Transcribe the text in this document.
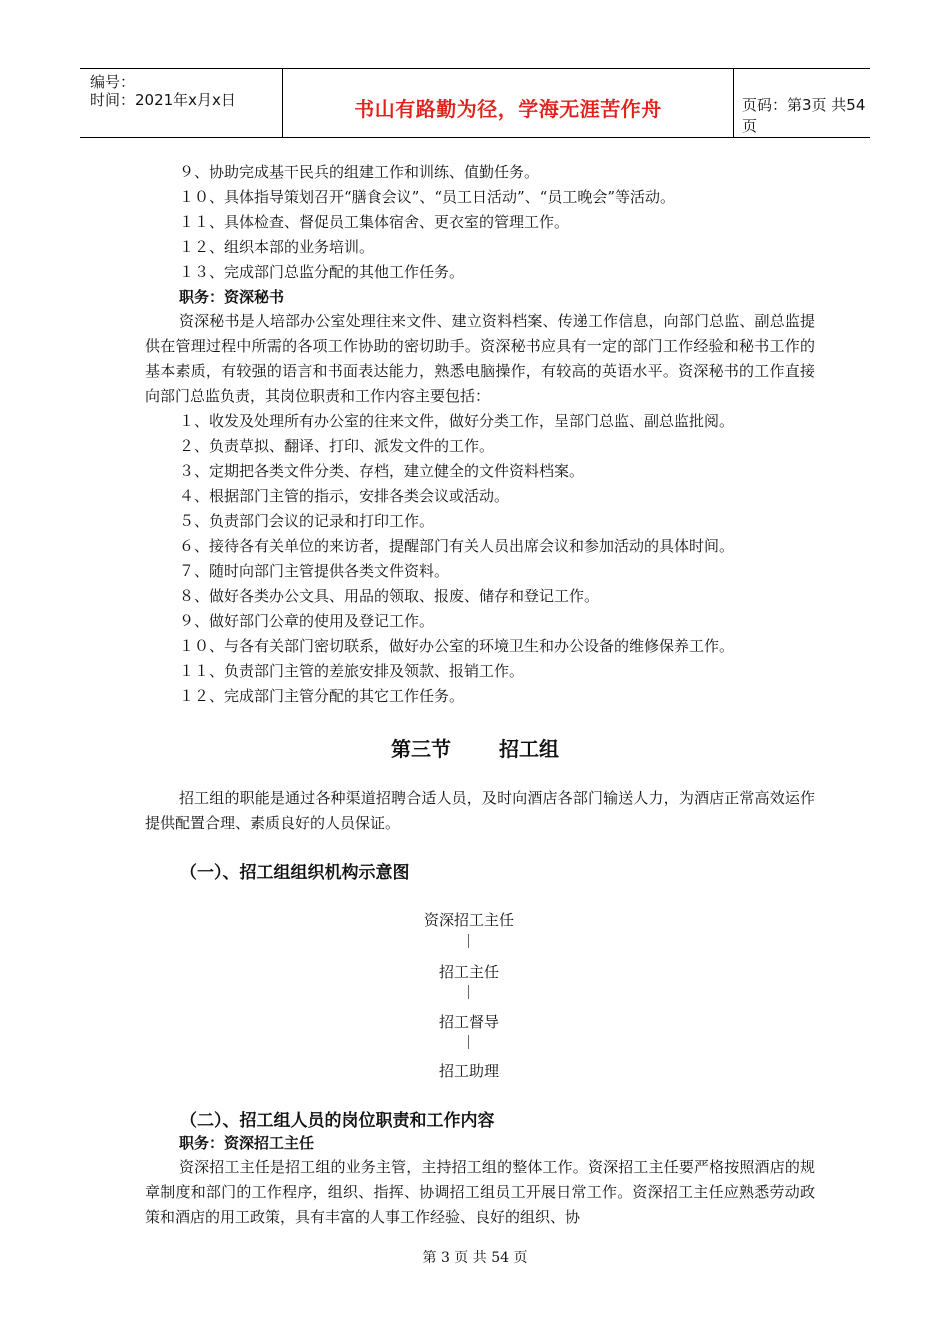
编号：
时间：2021年x月x日	书山有路勤为径，学海无涯苦作舟	页码：第3页 共54页
９、协助完成基干民兵的组建工作和训练、值勤任务。
１０、具体指导策划召开“膳食会议”、“员工日活动”、“员工晚会”等活动。
１１、具体检查、督促员工集体宿舍、更衣室的管理工作。
１２、组织本部的业务培训。
１３、完成部门总监分配的其他工作任务。
职务：资深秘书

资深秘书是人培部办公室处理往来文件、建立资料档案、传递工作信息，向部门总监、副总监提供在管理过程中所需的各项工作协助的密切助手。资深秘书应具有一定的部门工作经验和秘书工作的基本素质，有较强的语言和书面表达能力，熟悉电脑操作，有较高的英语水平。资深秘书的工作直接向部门总监负责，其岗位职责和工作内容主要包括：

１、收发及处理所有办公室的往来文件，做好分类工作，呈部门总监、副总监批阅。
２、负责草拟、翻译、打印、派发文件的工作。
３、定期把各类文件分类、存档，建立健全的文件资料档案。
４、根据部门主管的指示，安排各类会议或活动。
５、负责部门会议的记录和打印工作。
６、接待各有关单位的来访者，提醒部门有关人员出席会议和参加活动的具体时间。
７、随时向部门主管提供各类文件资料。
８、做好各类办公文具、用品的领取、报废、储存和登记工作。
９、做好部门公章的使用及登记工作。
１０、与各有关部门密切联系，做好办公室的环境卫生和办公设备的维修保养工作。
１１、负责部门主管的差旅安排及领款、报销工作。
１２、完成部门主管分配的其它工作任务。
第三节 招工组

招工组的职能是通过各种渠道招聘合适人员，及时向酒店各部门输送人力，为酒店正常高效运作提供配置合理、素质良好的人员保证。

（一）、招工组组织机构示意图
资深招工主任
招工主任
招工督导
招工助理
（二）、招工组人员的岗位职责和工作内容
职务：资深招工主任

资深招工主任是招工组的业务主管，主持招工组的整体工作。资深招工主任要严格按照酒店的规章制度和部门的工作程序，组织、指挥、协调招工组员工开展日常工作。资深招工主任应熟悉劳动政策和酒店的用工政策，具有丰富的人事工作经验、良好的组织、协

第 3 页 共 54 页
